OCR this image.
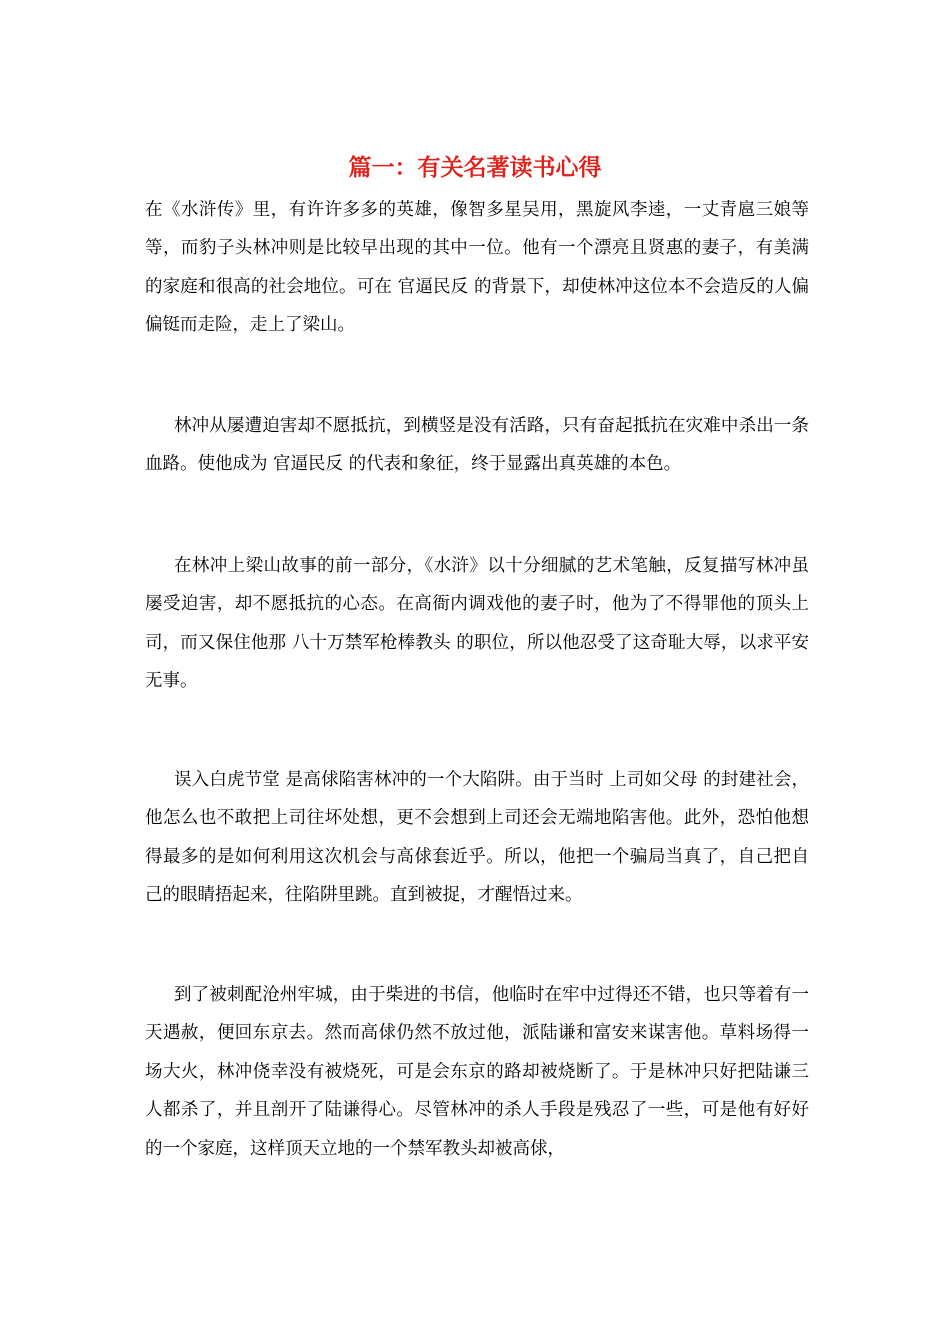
篇一：有关名著读书心得

在《水浒传》里，有许许多多的英雄，像智多星吴用，黑旋风李逵，一丈青扈三娘等等，而豹子头林冲则是比较早出现的其中一位。他有一个漂亮且贤惠的妻子，有美满的家庭和很高的社会地位。可在 官逼民反 的背景下，却使林冲这位本不会造反的人偏偏铤而走险，走上了梁山。

林冲从屡遭迫害却不愿抵抗，到横竖是没有活路，只有奋起抵抗在灾难中杀出一条血路。使他成为 官逼民反 的代表和象征，终于显露出真英雄的本色。

在林冲上梁山故事的前一部分，《水浒》以十分细腻的艺术笔触，反复描写林冲虽屡受迫害，却不愿抵抗的心态。在高衙内调戏他的妻子时，他为了不得罪他的顶头上司，而又保住他那 八十万禁军枪棒教头 的职位，所以他忍受了这奇耻大辱，以求平安无事。

误入白虎节堂 是高俅陷害林冲的一个大陷阱。由于当时 上司如父母 的封建社会，他怎么也不敢把上司往坏处想，更不会想到上司还会无端地陷害他。此外，恐怕他想得最多的是如何利用这次机会与高俅套近乎。所以，他把一个骗局当真了，自己把自己的眼睛捂起来，往陷阱里跳。直到被捉，才醒悟过来。

到了被刺配沧州牢城，由于柴进的书信，他临时在牢中过得还不错，也只等着有一天遇赦，便回东京去。然而高俅仍然不放过他，派陆谦和富安来谋害他。草料场得一场大火，林冲侥幸没有被烧死，可是会东京的路却被烧断了。于是林冲只好把陆谦三人都杀了，并且剖开了陆谦得心。尽管林冲的杀人手段是残忍了一些，可是他有好好的一个家庭，这样顶天立地的一个禁军教头却被高俅，
